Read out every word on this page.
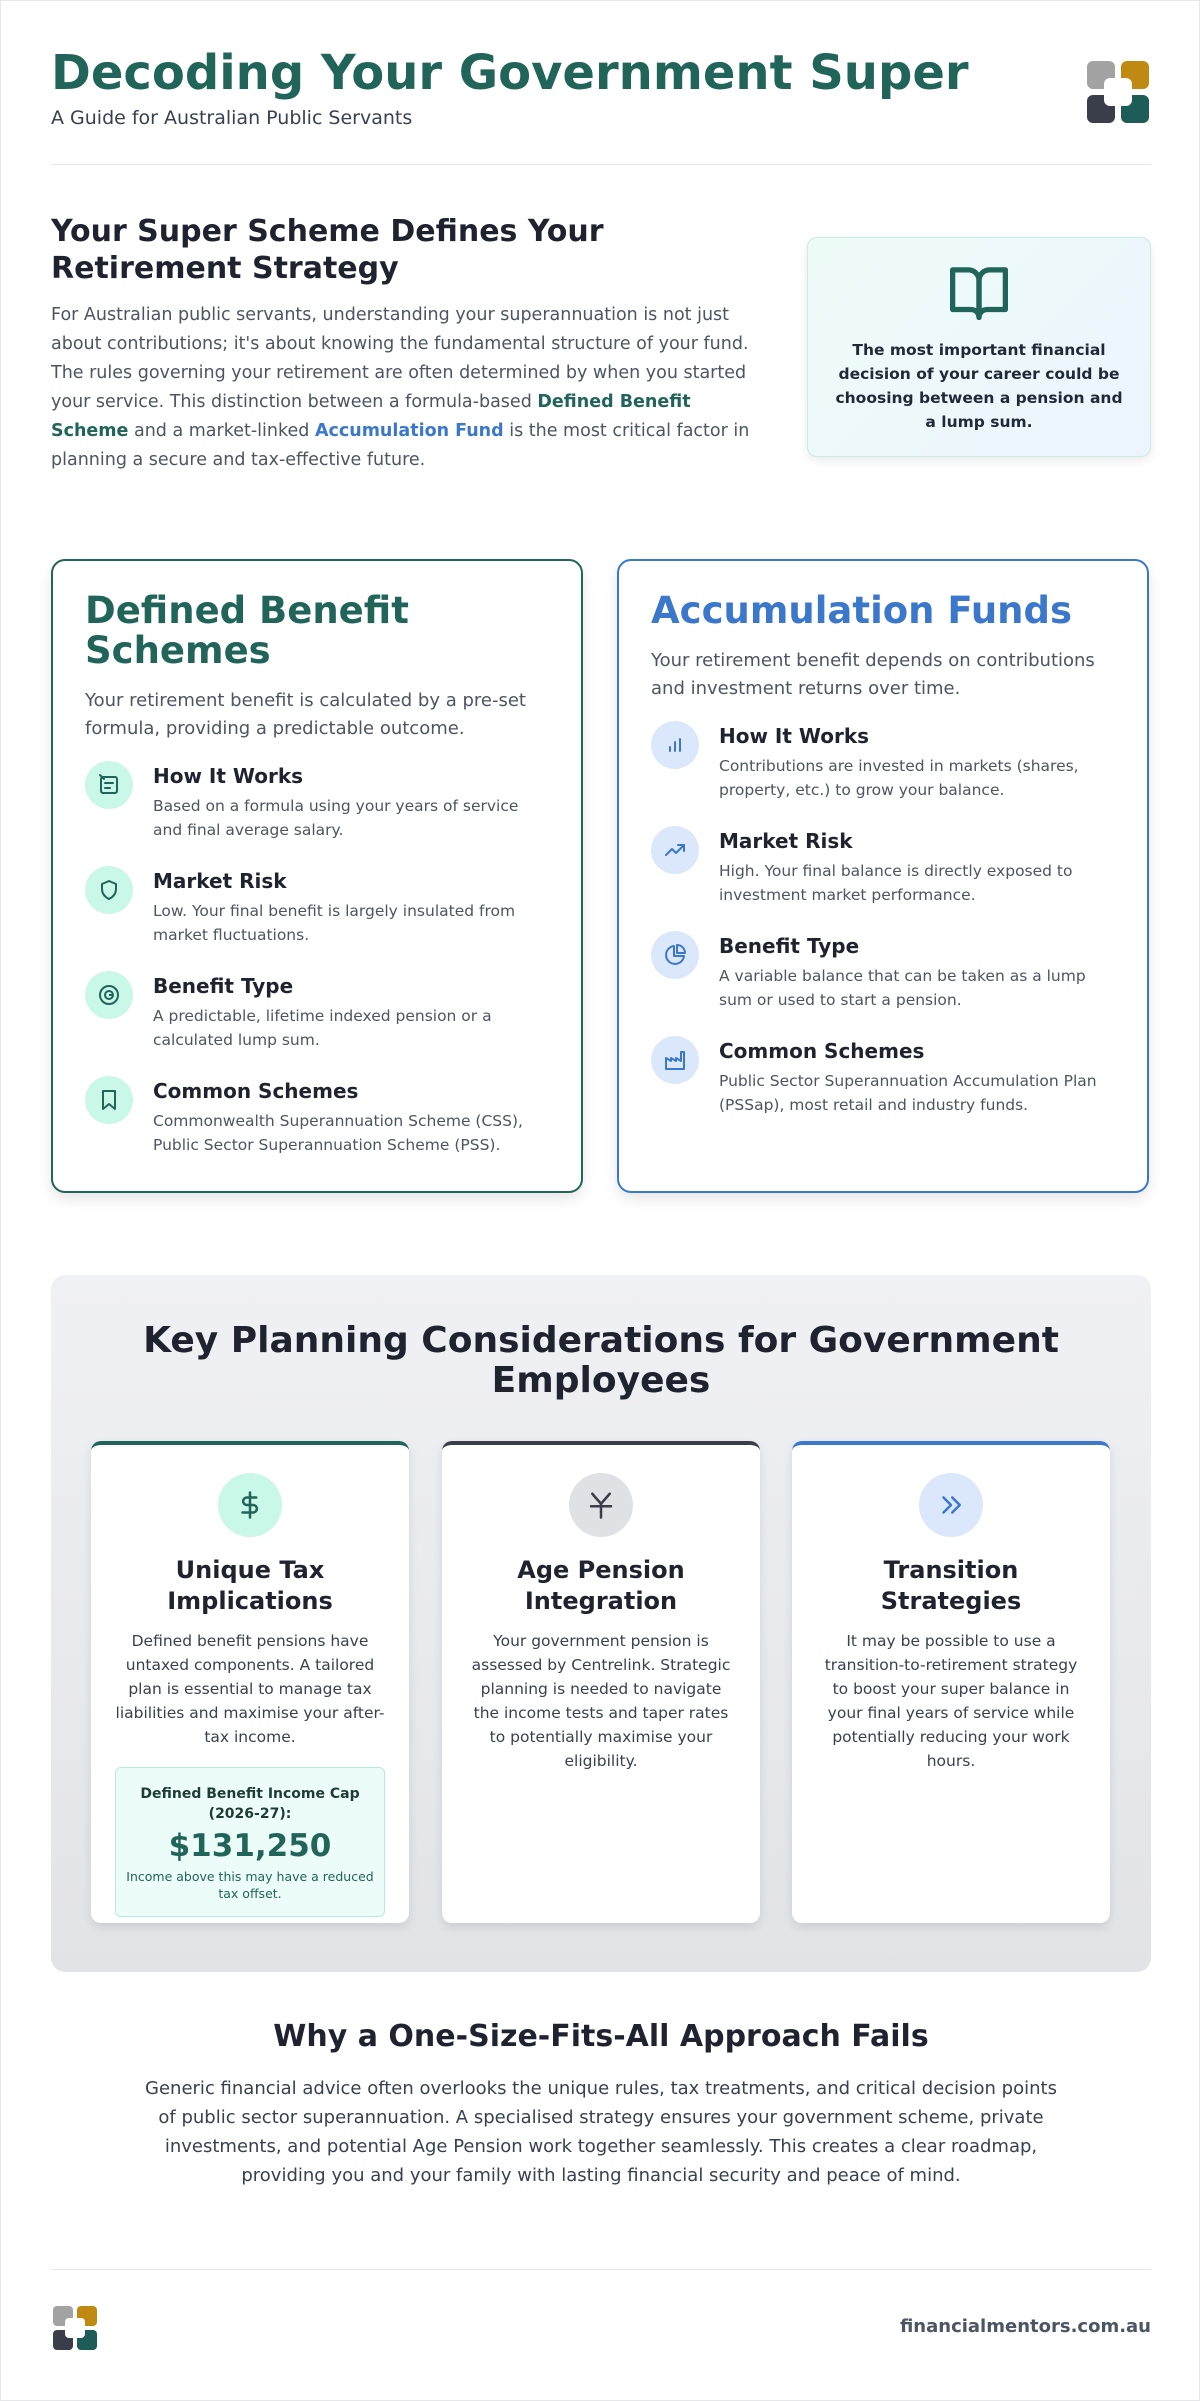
Decoding Your Government Super
A Guide for Australian Public Servants
Your Super Scheme Defines Your Retirement Strategy

For Australian public servants, understanding your superannuation is not just about contributions; it's about knowing the fundamental structure of your fund. The rules governing your retirement are often determined by when you started your service. This distinction between a formula-based Defined Benefit Scheme and a market-linked Accumulation Fund is the most critical factor in planning a secure and tax-effective future.

The most important financial decision of your career could be choosing between a pension and a lump sum.

Defined Benefit Schemes
Your retirement benefit is calculated by a pre-set formula, providing a predictable outcome.
How It Works

Based on a formula using your years of service and final average salary.

Market Risk

Low. Your final benefit is largely insulated from market fluctuations.

Benefit Type

A predictable, lifetime indexed pension or a calculated lump sum.

Common Schemes

Commonwealth Superannuation Scheme (CSS), Public Sector Superannuation Scheme (PSS).

Accumulation Funds
Your retirement benefit depends on contributions and investment returns over time.
How It Works

Contributions are invested in markets (shares, property, etc.) to grow your balance.

Market Risk

High. Your final balance is directly exposed to investment market performance.

Benefit Type

A variable balance that can be taken as a lump sum or used to start a pension.

Common Schemes

Public Sector Superannuation Accumulation Plan (PSSap), most retail and industry funds.

Key Planning Considerations for Government Employees
Unique Tax Implications

Defined benefit pensions have untaxed components. A tailored plan is essential to manage tax liabilities and maximise your after-tax income.

Defined Benefit Income Cap (2026-27):
$131,250
Income above this may have a reduced tax offset.
Age Pension Integration

Your government pension is assessed by Centrelink. Strategic planning is needed to navigate the income tests and taper rates to potentially maximise your eligibility.

Transition Strategies

It may be possible to use a transition-to-retirement strategy to boost your super balance in your final years of service while potentially reducing your work hours.

Why a One-Size-Fits-All Approach Fails

Generic financial advice often overlooks the unique rules, tax treatments, and critical decision points of public sector superannuation. A specialised strategy ensures your government scheme, private investments, and potential Age Pension work together seamlessly. This creates a clear roadmap, providing you and your family with lasting financial security and peace of mind.

financialmentors.com.au
